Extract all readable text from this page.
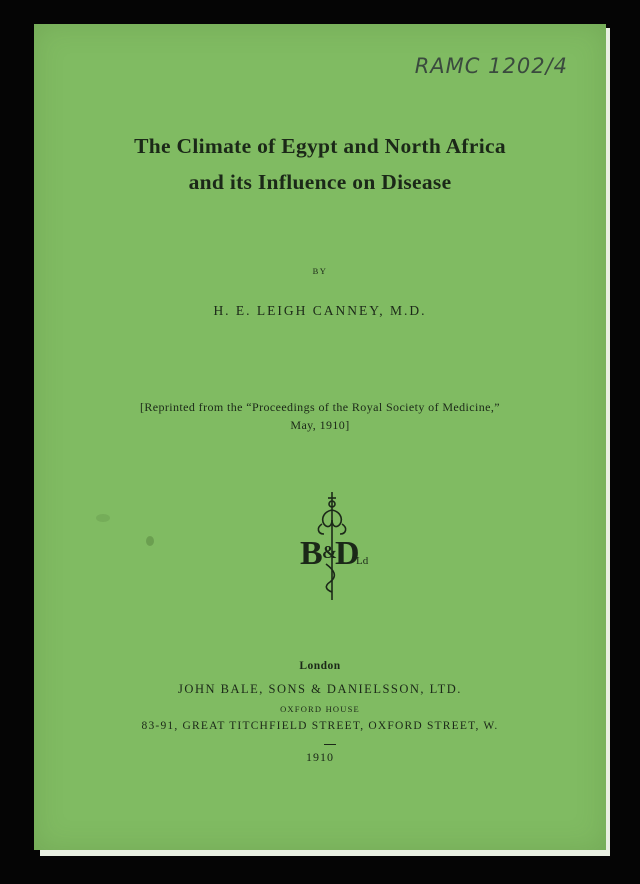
RAMC 1202/4
The Climate of Egypt and North Africa
and its Influence on Disease
BY
H. E. LEIGH CANNEY, M.D.
[Reprinted from the “Proceedings of the Royal Society of Medicine,”
May, 1910]
B &
D
Ld
London
JOHN BALE, SONS & DANIELSSON, LTD.
OXFORD HOUSE
83-91, GREAT TITCHFIELD STREET, OXFORD STREET, W.
1910
